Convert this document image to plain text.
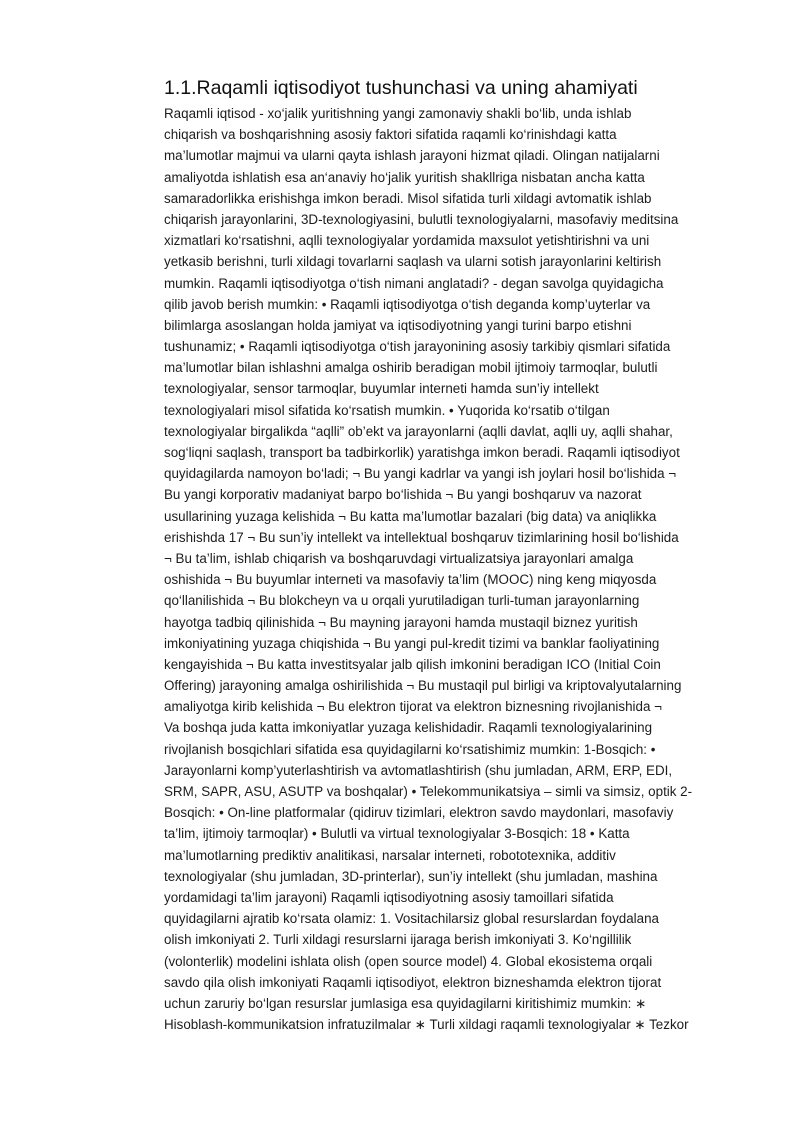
1.1.Raqamli iqtisodiyot tushunchasi va uning ahamiyati
Raqamli iqtisod - xo‘jalik yuritishning yangi zamonaviy shakli bo‘lib, unda ishlab
chiqarish va boshqarishning asosiy faktori sifatida raqamli ko‘rinishdagi katta
ma’lumotlar majmui va ularni qayta ishlash jarayoni hizmat qiladi. Olingan natijalarni
amaliyotda ishlatish esa an‘anaviy ho‘jalik yuritish shakllriga nisbatan ancha katta
samaradorlikka erishishga imkon beradi. Misol sifatida turli xildagi avtomatik ishlab
chiqarish jarayonlarini, 3D-texnologiyasini, bulutli texnologiyalarni, masofaviy meditsina
xizmatlari ko‘rsatishni, aqlli texnologiyalar yordamida maxsulot yetishtirishni va uni
yetkasib berishni, turli xildagi tovarlarni saqlash va ularni sotish jarayonlarini keltirish
mumkin. Raqamli iqtisodiyotga o‘tish nimani anglatadi? - degan savolga quyidagicha
qilib javob berish mumkin: • Raqamli iqtisodiyotga o‘tish deganda komp’uyterlar va
bilimlarga asoslangan holda jamiyat va iqtisodiyotning yangi turini barpo etishni
tushunamiz; • Raqamli iqtisodiyotga o‘tish jarayonining asosiy tarkibiy qismlari sifatida
ma’lumotlar bilan ishlashni amalga oshirib beradigan mobil ijtimoiy tarmoqlar, bulutli
texnologiyalar, sensor tarmoqlar, buyumlar interneti hamda sun’iy intellekt
texnologiyalari misol sifatida ko‘rsatish mumkin. • Yuqorida ko‘rsatib o‘tilgan
texnologiyalar birgalikda “aqlli” ob’ekt va jarayonlarni (aqlli davlat, aqlli uy, aqlli shahar,
sog‘liqni saqlash, transport ba tadbirkorlik) yaratishga imkon beradi. Raqamli iqtisodiyot
quyidagilarda namoyon bo‘ladi; ¬ Bu yangi kadrlar va yangi ish joylari hosil bo‘lishida ¬
Bu yangi korporativ madaniyat barpo bo‘lishida ¬ Bu yangi boshqaruv va nazorat
usullarining yuzaga kelishida ¬ Bu katta ma’lumotlar bazalari (big data) va aniqlikka
erishishda 17 ¬ Bu sun’iy intellekt va intellektual boshqaruv tizimlarining hosil bo‘lishida
¬ Bu ta’lim, ishlab chiqarish va boshqaruvdagi virtualizatsiya jarayonlari amalga
oshishida ¬ Bu buyumlar interneti va masofaviy ta’lim (MOOC) ning keng miqyosda
qo‘llanilishida ¬ Bu blokcheyn va u orqali yurutiladigan turli-tuman jarayonlarning
hayotga tadbiq qilinishida ¬ Bu mayning jarayoni hamda mustaqil biznez yuritish
imkoniyatining yuzaga chiqishida ¬ Bu yangi pul-kredit tizimi va banklar faoliyatining
kengayishida ¬ Bu katta investitsyalar jalb qilish imkonini beradigan ICO (Initial Coin
Offering) jarayoning amalga oshirilishida ¬ Bu mustaqil pul birligi va kriptovalyutalarning
amaliyotga kirib kelishida ¬ Bu elektron tijorat va elektron biznesning rivojlanishida ¬
Va boshqa juda katta imkoniyatlar yuzaga kelishidadir. Raqamli texnologiyalarining
rivojlanish bosqichlari sifatida esa quyidagilarni ko‘rsatishimiz mumkin: 1-Bosqich: •
Jarayonlarni komp’yuterlashtirish va avtomatlashtirish (shu jumladan, ARM, ERP, EDI,
SRM, SAPR, ASU, ASUTP va boshqalar) • Telekommunikatsiya – simli va simsiz, optik 2-
Bosqich: • On-line platformalar (qidiruv tizimlari, elektron savdo maydonlari, masofaviy
ta’lim, ijtimoiy tarmoqlar) • Bulutli va virtual texnologiyalar 3-Bosqich: 18 • Katta
ma’lumotlarning prediktiv analitikasi, narsalar interneti, robototexnika, additiv
texnologiyalar (shu jumladan, 3D-printerlar), sun’iy intellekt (shu jumladan, mashina
yordamidagi ta’lim jarayoni) Raqamli iqtisodiyotning asosiy tamoillari sifatida
quyidagilarni ajratib ko‘rsata olamiz: 1. Vositachilarsiz global resurslardan foydalana
olish imkoniyati 2. Turli xildagi resurslarni ijaraga berish imkoniyati 3. Ko‘ngillilik
(volonterlik) modelini ishlata olish (open source model) 4. Global ekosistema orqali
savdo qila olish imkoniyati Raqamli iqtisodiyot, elektron bizneshamda elektron tijorat
uchun zaruriy bo‘lgan resurslar jumlasiga esa quyidagilarni kiritishimiz mumkin: ∗
Hisoblash-kommunikatsion infratuzilmalar ∗ Turli xildagi raqamli texnologiyalar ∗ Tezkor
